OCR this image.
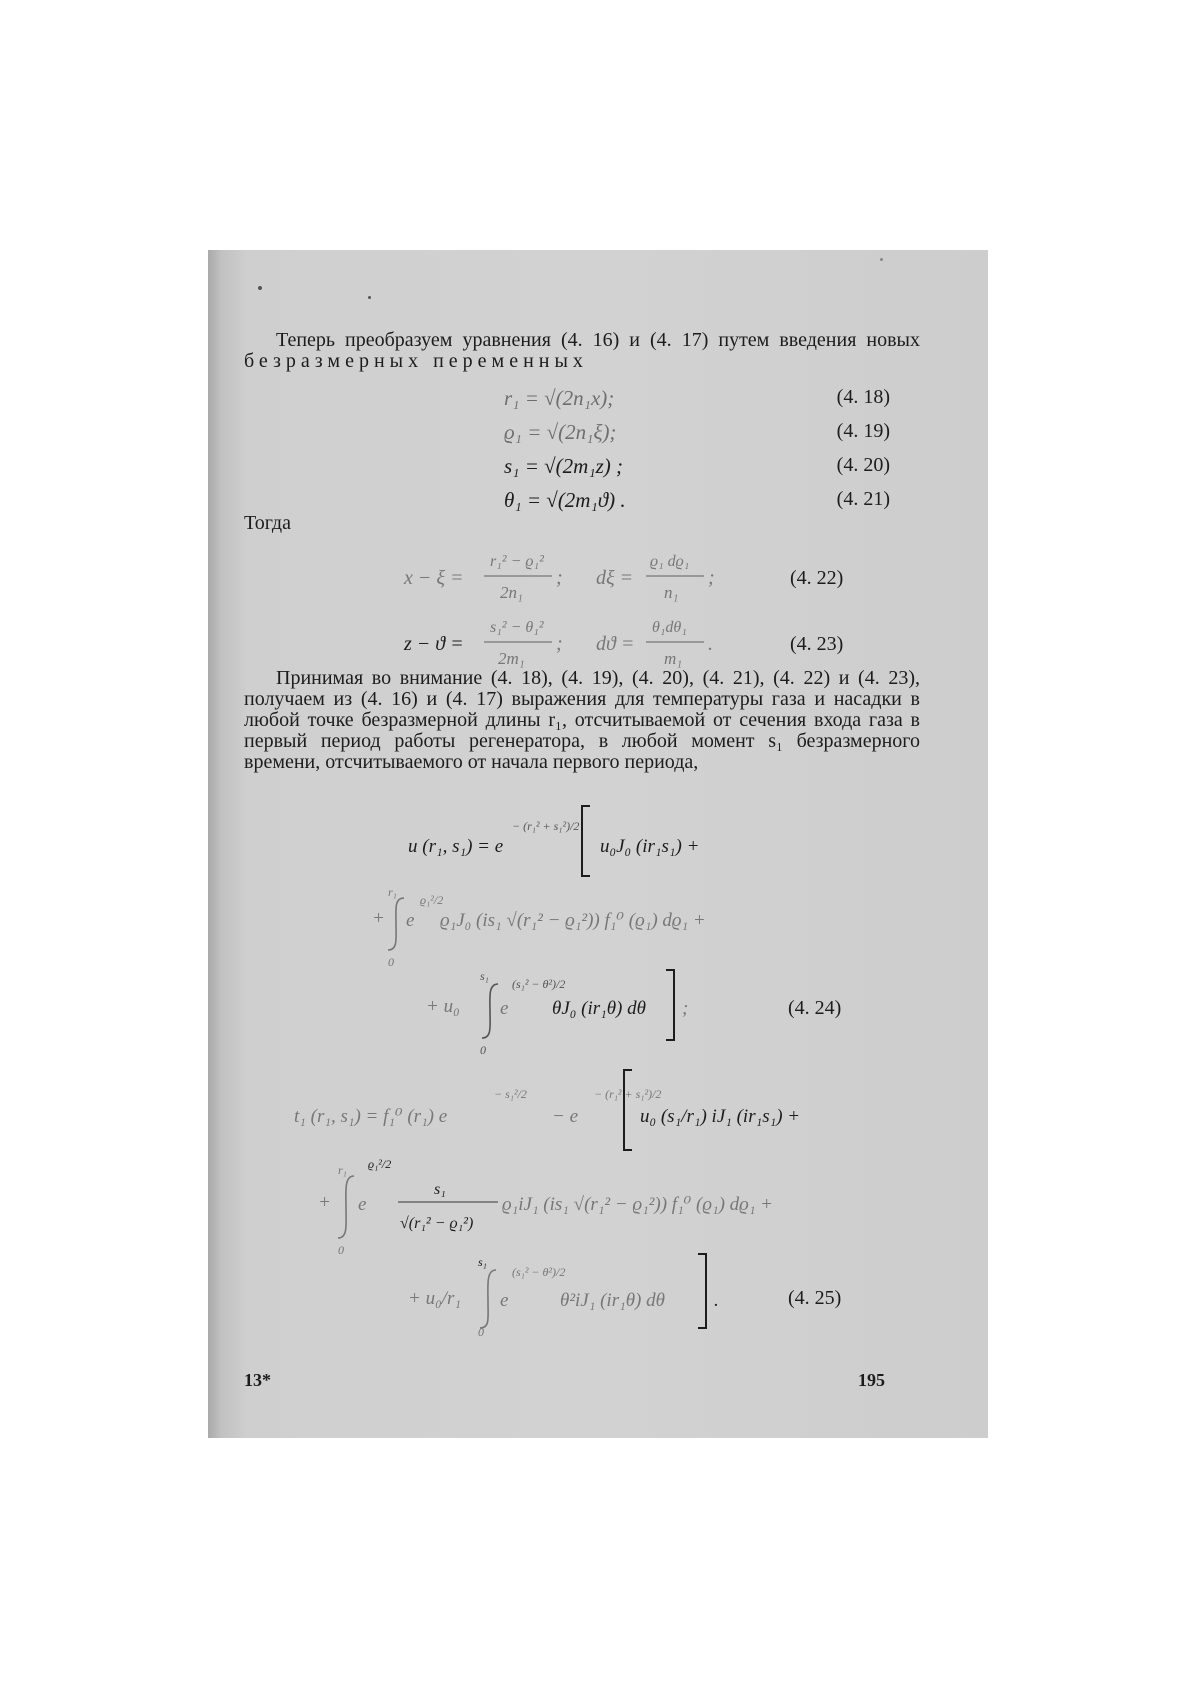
Теперь преобразуем уравнения (4. 16) и (4. 17) путем введения новых безразмерных переменных

r₁ = √(2n₁x);	(4. 18)
ϱ₁ = √(2n₁ξ);	(4. 19)
s₁ = √(2m₁z) ;	(4. 20)
θ₁ = √(2m₁ϑ) .	(4. 21)
Тогда
x − ξ =
r₁² − ϱ₁²
2n₁
; dξ =
ϱ₁ dϱ₁
n₁
;	(4. 22)
z − ϑ =
s₁² − θ₁²
2m₁
; dϑ =
θ₁dθ₁
m₁
.	(4. 23)

Принимая во внимание (4. 18), (4. 19), (4. 20), (4. 21), (4. 22) и (4. 23), получаем из (4. 16) и (4. 17) выражения для температуры газа и насадки в любой точке безразмерной длины r₁, отсчитываемой от сечения входа газа в первый период работы регенератора, в любой момент s₁ безразмерного времени, отсчитываемого от начала первого периода,

u (r₁, s₁) = e
− (r₁² + s₁²)/2
u₀J₀ (ir₁s₁) +
+
r₁
0
e
ϱ₁²/2
ϱ₁J₀ (is₁ √(r₁² − ϱ₁²)) f₁⁰ (ϱ₁) dϱ₁ +
+ u₀
s₁
0
e
(s₁² − θ²)/2
θJ₀ (ir₁θ) dθ ;	(4. 24)
t₁ (r₁, s₁) = f₁⁰ (r₁) e
− s₁²/2
− e
− (r₁² + s₁²)/2
u₀ (s₁/r₁) iJ₁ (ir₁s₁) +
+
r₁
0
e
ϱ₁²/2
s₁
√(r₁² − ϱ₁²)
ϱ₁iJ₁ (is₁ √(r₁² − ϱ₁²)) f₁⁰ (ϱ₁) dϱ₁ +
+ u₀/r₁
s₁
0
e
(s₁² − θ²)/2
θ²iJ₁ (ir₁θ) dθ	.	(4. 25)
13*	195
